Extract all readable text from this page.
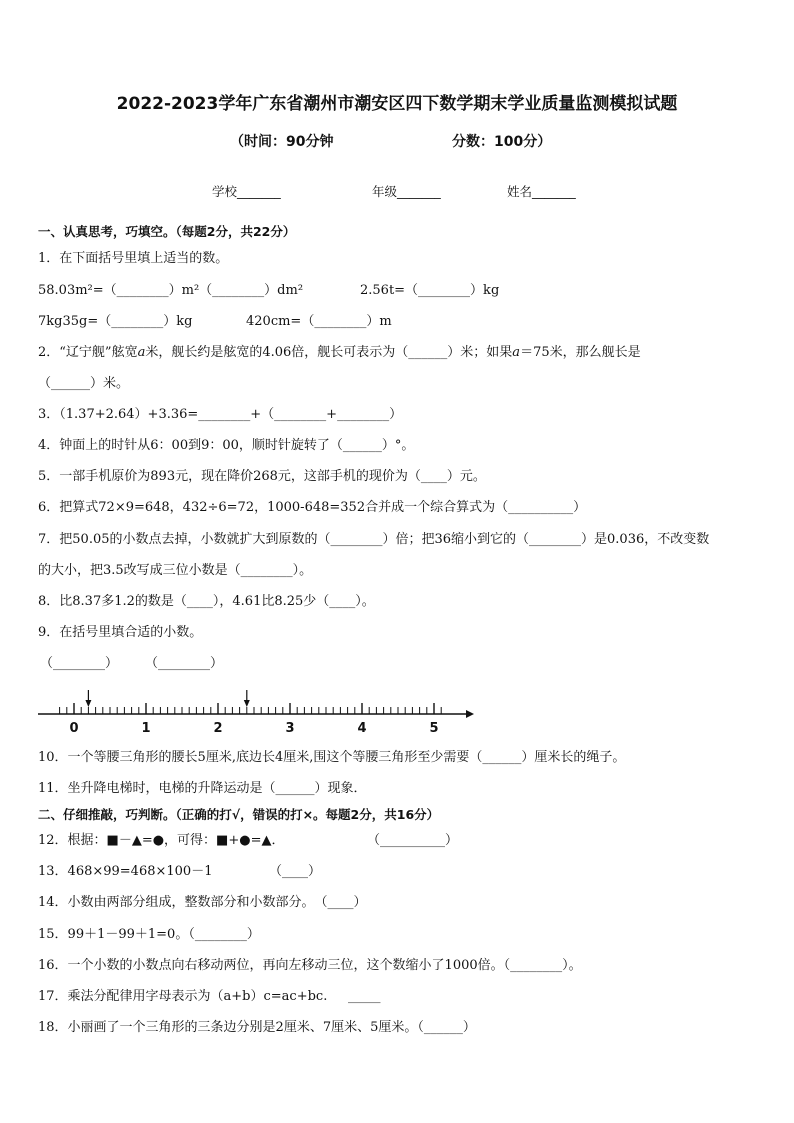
2022-2023学年广东省潮州市潮安区四下数学期末学业质量监测模拟试题
（时间：90分钟	分数：100分）
学校_______	年级_______	姓名_______
一、认真思考，巧填空。（每题2分，共22分）
1．在下面括号里填上适当的数。
58.03m²=（________）m²（________）dm²	2.56t=（________）kg
7kg35g=（________）kg	420cm=（________）m
2．“辽宁舰”舷宽a米，舰长约是舷宽的4.06倍，舰长可表示为（______）米；如果a＝75米，那么舰长是
（______）米。
3．（1.37+2.64）+3.36=________+（________+________）
4．钟面上的时针从6：00到9：00，顺时针旋转了（______）°。
5．一部手机原价为893元，现在降价268元，这部手机的现价为（____）元。
6．把算式72×9=648，432÷6=72，1000-648=352合并成一个综合算式为（__________）
7．把50.05的小数点去掉，小数就扩大到原数的（________）倍；把36缩小到它的（________）是0.036，不改变数
的大小，把3.5改写成三位小数是（________）。
8．比8.37多1.2的数是（____），4.61比8.25少（____）。
9．在括号里填合适的小数。
（________） （________）
0	1	2	3	4	5
10．一个等腰三角形的腰长5厘米,底边长4厘米,围这个等腰三角形至少需要（______）厘米长的绳子。
11．坐升降电梯时，电梯的升降运动是（______）现象．
二、仔细推敲，巧判断。（正确的打√，错误的打×。每题2分，共16分）
12．根据：■－▲=●，可得：■+●=▲．	（__________）
13．468×99=468×100－1	（____）
14．小数由两部分组成，整数部分和小数部分。　（____）
15．99＋1－99＋1=0。（________）
16．一个小数的小数点向右移动两位，再向左移动三位，这个数缩小了1000倍。（________）。
17．乘法分配律用字母表示为（a+b）c=ac+bc. _____
18．小丽画了一个三角形的三条边分别是2厘米、7厘米、5厘米。（______）
